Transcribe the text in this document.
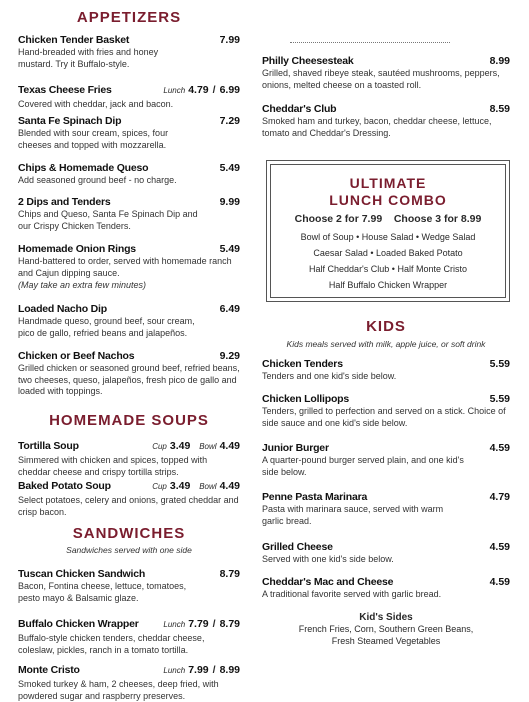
APPETIZERS
Chicken Tender Basket	7.99
Hand-breaded with fries and honey mustard. Try it Buffalo-style.
Texas Cheese Fries	Lunch 4.79 / 6.99
Covered with cheddar, jack and bacon.
Santa Fe Spinach Dip	7.29
Blended with sour cream, spices, four cheeses and topped with mozzarella.
Chips & Homemade Queso	5.49
Add seasoned ground beef - no charge.
2 Dips and Tenders	9.99
Chips and Queso, Santa Fe Spinach Dip and our Crispy Chicken Tenders.
Homemade Onion Rings	5.49
Hand-battered to order, served with homemade ranch and Cajun dipping sauce.
(May take an extra few minutes)
Loaded Nacho Dip	6.49
Handmade queso, ground beef, sour cream, pico de gallo, refried beans and jalapeños.
Chicken or Beef Nachos	9.29
Grilled chicken or seasoned ground beef, refried beans, two cheeses, queso, jalapeños, fresh pico de gallo and loaded with toppings.
HOMEMADE SOUPS
Tortilla Soup	Cup 3.49 Bowl 4.49
Simmered with chicken and spices, topped with cheddar cheese and crispy tortilla strips.
Baked Potato Soup	Cup 3.49 Bowl 4.49
Select potatoes, celery and onions, grated cheddar and crisp bacon.
SANDWICHES
Sandwiches served with one side
Tuscan Chicken Sandwich	8.79
Bacon, Fontina cheese, lettuce, tomatoes, pesto mayo & Balsamic glaze.
Buffalo Chicken Wrapper	Lunch 7.79 / 8.79
Buffalo-style chicken tenders, cheddar cheese, coleslaw, pickles, ranch in a tomato tortilla.
Monte Cristo	Lunch 7.99 / 8.99
Smoked turkey & ham, 2 cheeses, deep fried, with powdered sugar and raspberry preserves.
Philly Cheesesteak	8.99
Grilled, shaved ribeye steak, sautéed mushrooms, peppers, onions, melted cheese on a toasted roll.
Cheddar's Club	8.59
Smoked ham and turkey, bacon, cheddar cheese, lettuce, tomato and Cheddar's Dressing.
KIDS
Kids meals served with milk, apple juice, or soft drink
Chicken Tenders	5.59
Tenders and one kid's side below.
Chicken Lollipops	5.59
Tenders, grilled to perfection and served on a stick. Choice of side sauce and one kid's side below.
Junior Burger	4.59
A quarter-pound burger served plain, and one kid's side below.
Penne Pasta Marinara	4.79
Pasta with marinara sauce, served with warm garlic bread.
Grilled Cheese	4.59
Served with one kid's side below.
Cheddar's Mac and Cheese	4.59
A traditional favorite served with garlic bread.
Kid's Sides
French Fries, Corn, Southern Green Beans,
Fresh Steamed Vegetables
ULTIMATE
LUNCH COMBO
Choose 2 for 7.99 Choose 3 for 8.99
Bowl of Soup • House Salad • Wedge Salad
Caesar Salad • Loaded Baked Potato
Half Cheddar's Club • Half Monte Cristo
Half Buffalo Chicken Wrapper
